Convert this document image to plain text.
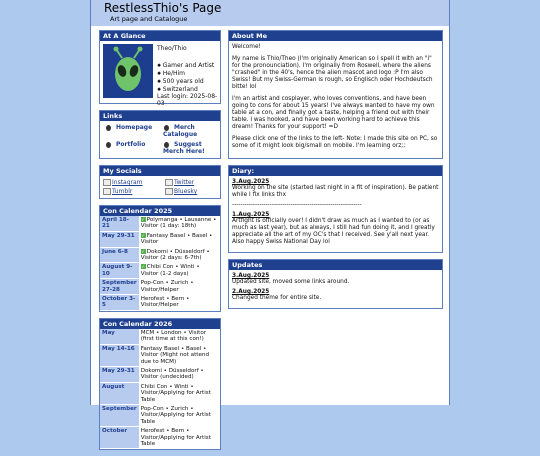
RestlessThio's Page
Art page and Catalogue
At A Glance
Theo/Thio
✹ Gamer and Artist
✹ He/Him
✹ 500 years old
✹ Switzerland
Last login: 2025-08-03
Links
Homepage	Merch Catalogue
Portfolio	Suggest Merch Here!
My Socials
Instagram	Twitter
Tumblr	Bluesky
Con Calendar 2025
April 18-21	✓ Polymanga • Lausanne • Visitor (1 day: 18th)
May 29-31	✓ Fantasy Basel • Basel • Visitor
June 6-8	✓ Dokomi • Düsseldorf • Visitor (2 days: 6-7th)
August 9-10	✓ Chibi Con • Winti • Visitor (1-2 days)
September 27-28	Pop-Con • Zurich • Visitor/Helper
October 3-5	Herofest • Bern • Visitor/Helper
Con Calendar 2026
May	MCM • London • Visitor (first time at this con!)
May 14-16	Fantasy Basel • Basel • Visitor (Might not attend due to MCM)
May 29-31	Dokomi • Düsseldorf • Visitor (undecided)
August	Chibi Con • Winti • Visitor/Applying for Artist Table
September	Pop-Con • Zurich • Visitor/Applying for Artist Table
October	Herofest • Bern • Visitor/Applying for Artist Table
About Me

Welcome!

My name is Thio/Theo (I'm originally American so I spell it with an "i" for the pronounciation). I'm originally from Roswell, where the aliens "crashed" in the 40's, hence the alien mascot and logo :P I'm also Swiss! But my Swiss-German is rough, so Englisch oder Hochdeutsch bitte! lol

I'm an artist and cosplayer, who loves conventions, and have been going to cons for about 15 years! I've always wanted to have my own table at a con, and finally got a taste, helping a friend out with their table. I was hooked, and have been working hard to achieve this dream! Thanks for your support! =D

Please click one of the links to the left- Note: I made this site on PC, so some of it might look big/small on mobile. I'm learning orz;;

Diary:
3.Aug.2025
Working on the site (started last night in a fit of inspiration). Be patient while I fix links thx
--------------------------------------------------------------
1.Aug.2025
Artfight is officially over! I didn't draw as much as I wanted to (or as much as last year), but as always, I still had fun doing it, and I greatly appreciate all the art of my OC's that I received. See y'all next year. Also happy Swiss National Day lol
Updates
3.Aug.2025
Updated site, moved some links around.
2.Aug.2025
Changed theme for entire site.
